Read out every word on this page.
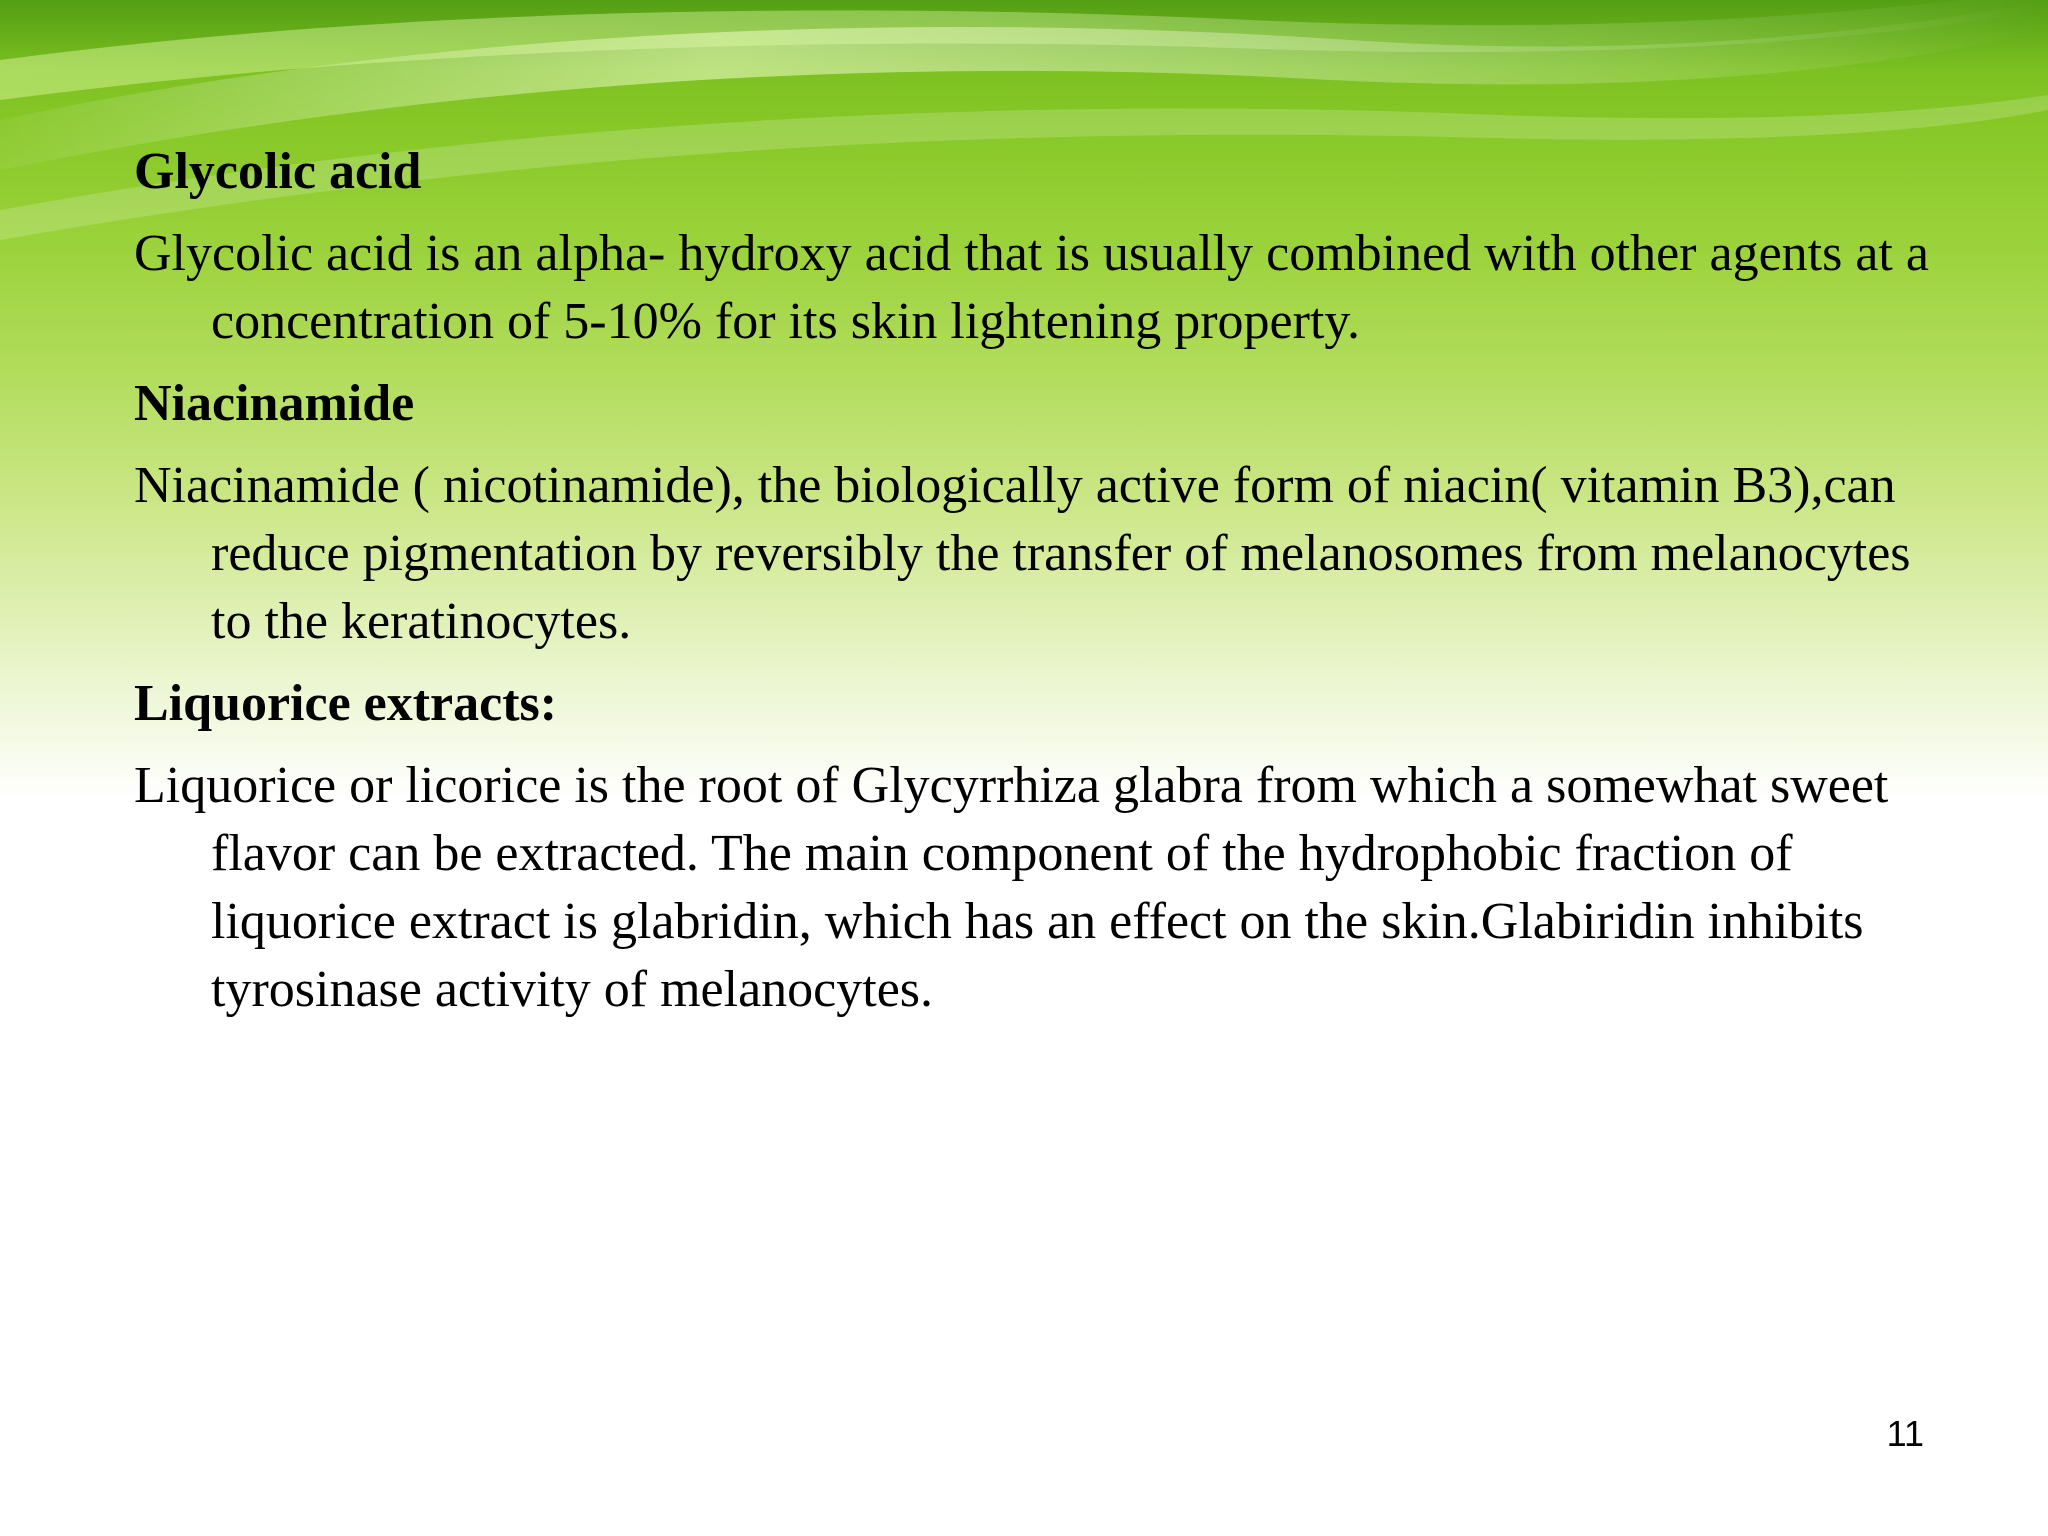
Glycolic acid

Glycolic acid is an alpha- hydroxy acid that is usually combined with other agents at a concentration of 5-10% for its skin lightening property.

Niacinamide

Niacinamide ( nicotinamide), the biologically active form of niacin( vitamin B3),can reduce pigmentation by reversibly the transfer of melanosomes from melanocytes to the keratinocytes.

Liquorice extracts:

Liquorice or licorice is the root of Glycyrrhiza glabra from which a somewhat sweet flavor can be extracted. The main component of the hydrophobic fraction of liquorice extract is glabridin, which has an effect on the skin.Glabiridin inhibits tyrosinase activity of melanocytes.

11
